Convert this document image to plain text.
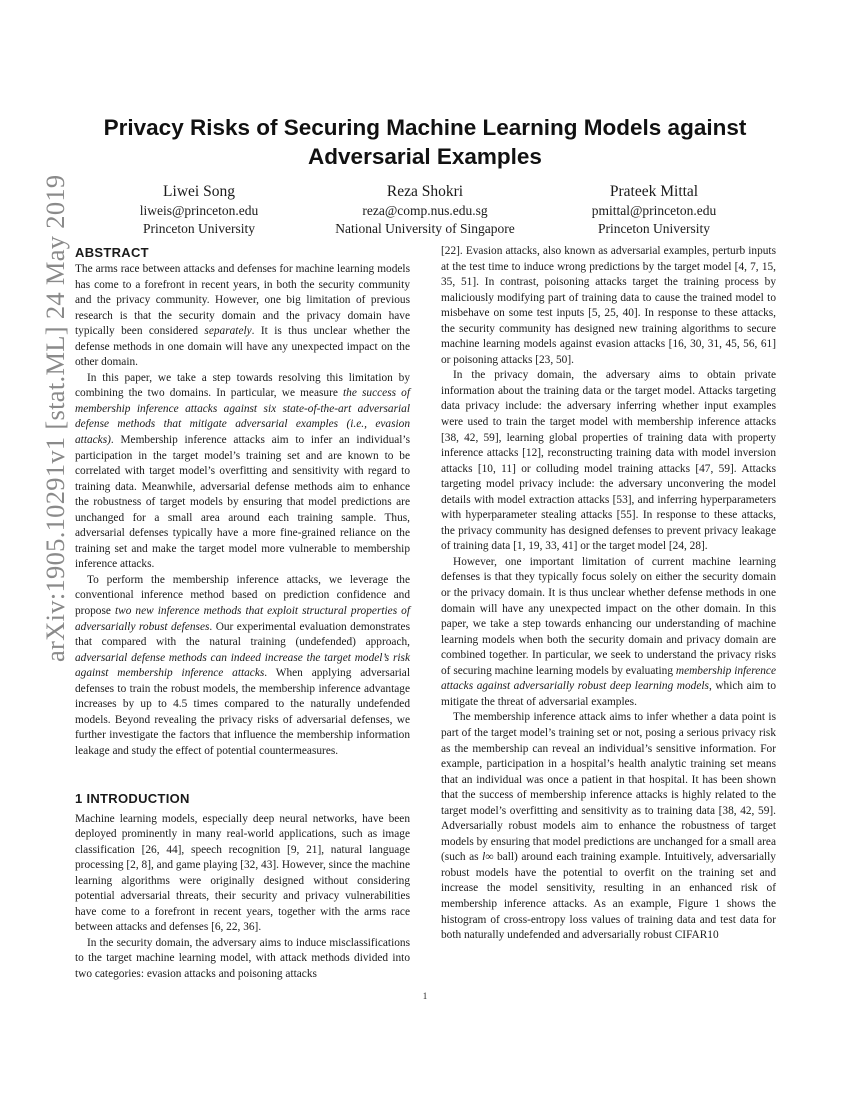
arXiv:1905.10291v1 [stat.ML] 24 May 2019
Privacy Risks of Securing Machine Learning Models against
Adversarial Examples
Liwei Song
liweis@princeton.edu
Princeton University
Reza Shokri
reza@comp.nus.edu.sg
National University of Singapore
Prateek Mittal
pmittal@princeton.edu
Princeton University
ABSTRACT

The arms race between attacks and defenses for machine learning models has come to a forefront in recent years, in both the security community and the privacy community. However, one big limitation of previous research is that the security domain and the privacy domain have typically been considered separately. It is thus unclear whether the defense methods in one domain will have any unexpected impact on the other domain.

In this paper, we take a step towards resolving this limitation by combining the two domains. In particular, we measure the success of membership inference attacks against six state-of-the-art adversarial defense methods that mitigate adversarial examples (i.e., evasion attacks). Membership inference attacks aim to infer an individual’s participation in the target model’s training set and are known to be correlated with target model’s overfitting and sensitivity with regard to training data. Meanwhile, adversarial defense methods aim to enhance the robustness of target models by ensuring that model predictions are unchanged for a small area around each training sample. Thus, adversarial defenses typically have a more fine-grained reliance on the training set and make the target model more vulnerable to membership inference attacks.

To perform the membership inference attacks, we leverage the conventional inference method based on prediction confidence and propose two new inference methods that exploit structural properties of adversarially robust defenses. Our experimental evaluation demonstrates that compared with the natural training (undefended) approach, adversarial defense methods can indeed increase the target model’s risk against membership inference attacks. When applying adversarial defenses to train the robust models, the membership inference advantage increases by up to 4.5 times compared to the naturally undefended models. Beyond revealing the privacy risks of adversarial defenses, we further investigate the factors that influence the membership information leakage and study the effect of potential countermeasures.

1 INTRODUCTION

Machine learning models, especially deep neural networks, have been deployed prominently in many real-world applications, such as image classification [26, 44], speech recognition [9, 21], natural language processing [2, 8], and game playing [32, 43]. However, since the machine learning algorithms were originally designed without considering potential adversarial threats, their security and privacy vulnerabilities have come to a forefront in recent years, together with the arms race between attacks and defenses [6, 22, 36].

In the security domain, the adversary aims to induce misclassifications to the target machine learning model, with attack methods divided into two categories: evasion attacks and poisoning attacks

[22]. Evasion attacks, also known as adversarial examples, perturb inputs at the test time to induce wrong predictions by the target model [4, 7, 15, 35, 51]. In contrast, poisoning attacks target the training process by maliciously modifying part of training data to cause the trained model to misbehave on some test inputs [5, 25, 40]. In response to these attacks, the security community has designed new training algorithms to secure machine learning models against evasion attacks [16, 30, 31, 45, 56, 61] or poisoning attacks [23, 50].

In the privacy domain, the adversary aims to obtain private information about the training data or the target model. Attacks targeting data privacy include: the adversary inferring whether input examples were used to train the target model with membership inference attacks [38, 42, 59], learning global properties of training data with property inference attacks [12], reconstructing training data with model inversion attacks [10, 11] or colluding model training attacks [47, 59]. Attacks targeting model privacy include: the adversary unconvering the model details with model extraction attacks [53], and inferring hyperparameters with hyperparameter stealing attacks [55]. In response to these attacks, the privacy community has designed defenses to prevent privacy leakage of training data [1, 19, 33, 41] or the target model [24, 28].

However, one important limitation of current machine learning defenses is that they typically focus solely on either the security domain or the privacy domain. It is thus unclear whether defense methods in one domain will have any unexpected impact on the other domain. In this paper, we take a step towards enhancing our understanding of machine learning models when both the security domain and privacy domain are combined together. In particular, we seek to understand the privacy risks of securing machine learning models by evaluating membership inference attacks against adversarially robust deep learning models, which aim to mitigate the threat of adversarial examples.

The membership inference attack aims to infer whether a data point is part of the target model’s training set or not, posing a serious privacy risk as the membership can reveal an individual’s sensitive information. For example, participation in a hospital’s health analytic training set means that an individual was once a patient in that hospital. It has been shown that the success of membership inference attacks is highly related to the target model’s overfitting and sensitivity as to training data [38, 42, 59]. Adversarially robust models aim to enhance the robustness of target models by ensuring that model predictions are unchanged for a small area (such as l∞ ball) around each training example. Intuitively, adversarially robust models have the potential to overfit on the training set and increase the model sensitivity, resulting in an enhanced risk of membership inference attacks. As an example, Figure 1 shows the histogram of cross-entropy loss values of training data and test data for both naturally undefended and adversarially robust CIFAR10

1
